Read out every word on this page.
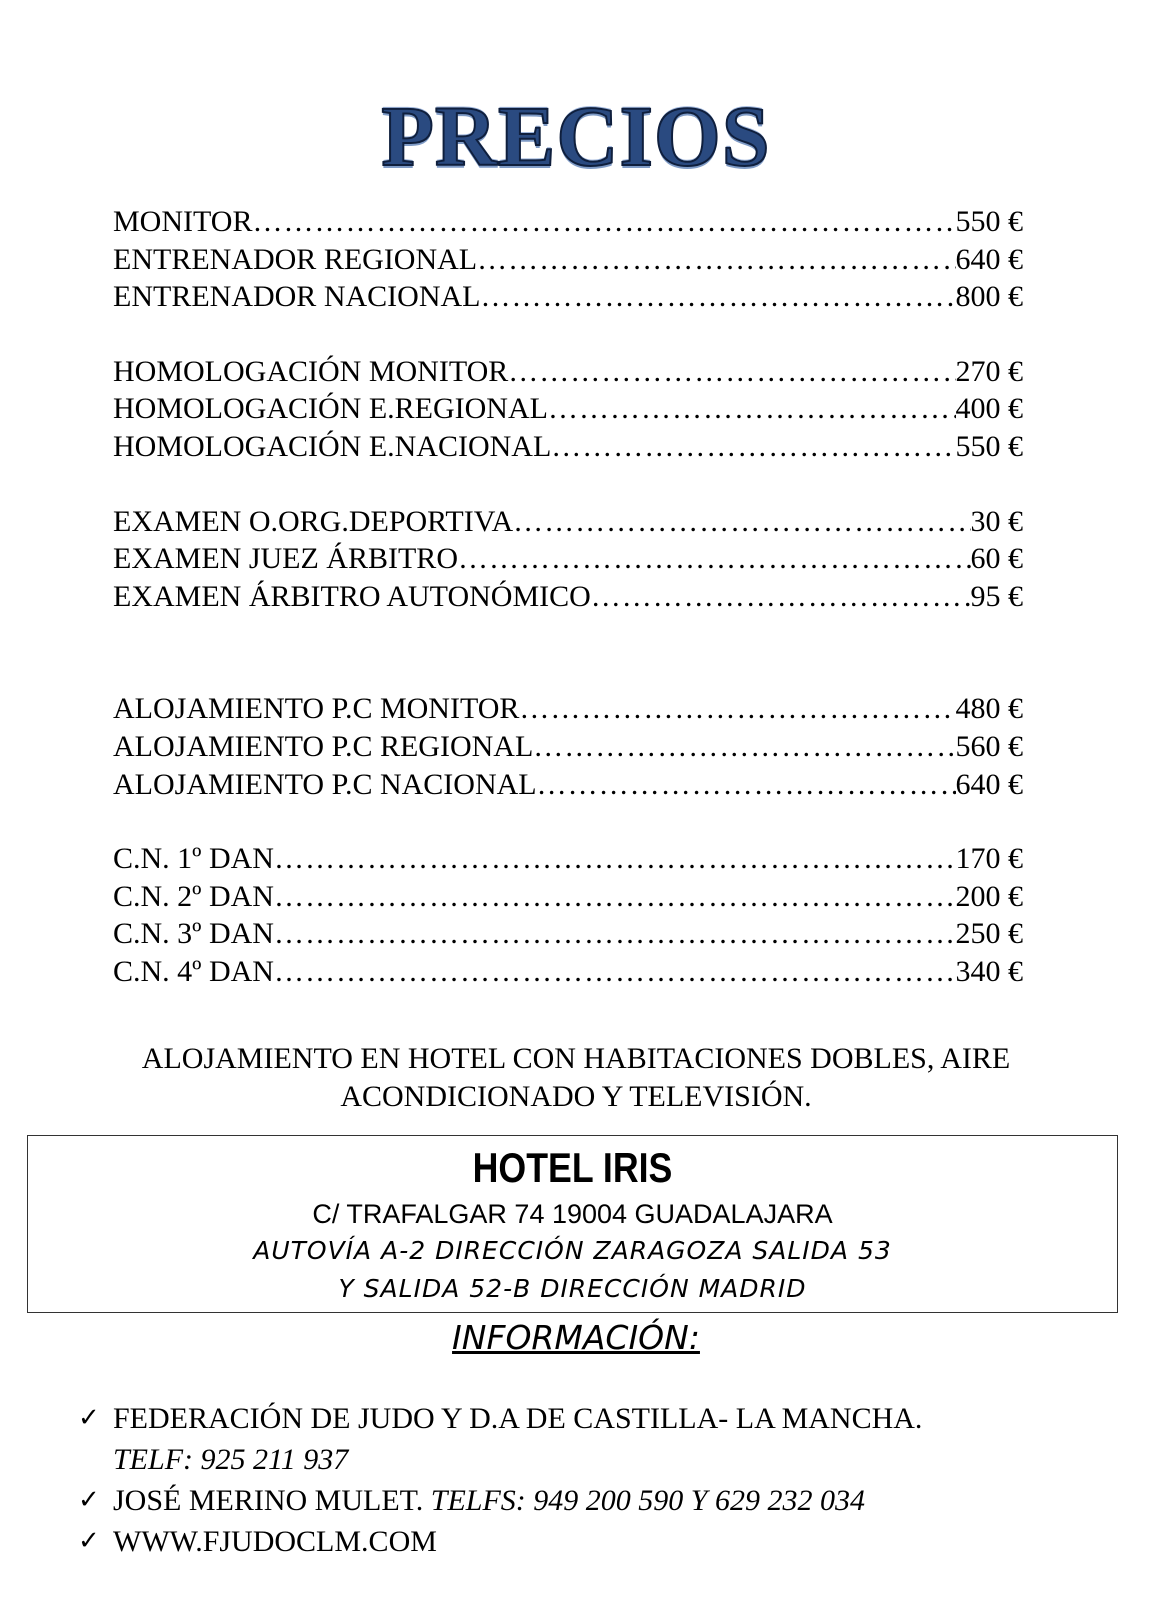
PRECIOS
MONITOR ……………………………………………………………………………………………………………………………………………	550 €
ENTRENADOR REGIONAL ……………………………………………………………………………………………………………………………………………	640 €
ENTRENADOR NACIONAL ……………………………………………………………………………………………………………………………………………	800 €
HOMOLOGACIÓN MONITOR ……………………………………………………………………………………………………………………………………………	270 €
HOMOLOGACIÓN E.REGIONAL ……………………………………………………………………………………………………………………………………………	400 €
HOMOLOGACIÓN E.NACIONAL ……………………………………………………………………………………………………………………………………………	550 €
EXAMEN O.ORG.DEPORTIVA ……………………………………………………………………………………………………………………………………………	30 €
EXAMEN JUEZ ÁRBITRO ……………………………………………………………………………………………………………………………………………	60 €
EXAMEN ÁRBITRO AUTONÓMICO ……………………………………………………………………………………………………………………………………………	95 €
ALOJAMIENTO P.C MONITOR ……………………………………………………………………………………………………………………………………………	480 €
ALOJAMIENTO P.C REGIONAL ……………………………………………………………………………………………………………………………………………	560 €
ALOJAMIENTO P.C NACIONAL ……………………………………………………………………………………………………………………………………………	640 €
C.N. 1º DAN ……………………………………………………………………………………………………………………………………………	170 €
C.N. 2º DAN ……………………………………………………………………………………………………………………………………………	200 €
C.N. 3º DAN ……………………………………………………………………………………………………………………………………………	250 €
C.N. 4º DAN ……………………………………………………………………………………………………………………………………………	340 €
ALOJAMIENTO EN HOTEL CON HABITACIONES DOBLES, AIRE
ACONDICIONADO Y TELEVISIÓN.
HOTEL IRIS
C/ TRAFALGAR 74 19004 GUADALAJARA
AUTOVÍA A-2 DIRECCIÓN ZARAGOZA SALIDA 53
Y SALIDA 52-B DIRECCIÓN MADRID
INFORMACIÓN:
✓ FEDERACIÓN DE JUDO Y D.A DE CASTILLA- LA MANCHA.
TELF: 925 211 937
✓ JOSÉ MERINO MULET. TELFS: 949 200 590 Y 629 232 034
✓ WWW.FJUDOCLM.COM
